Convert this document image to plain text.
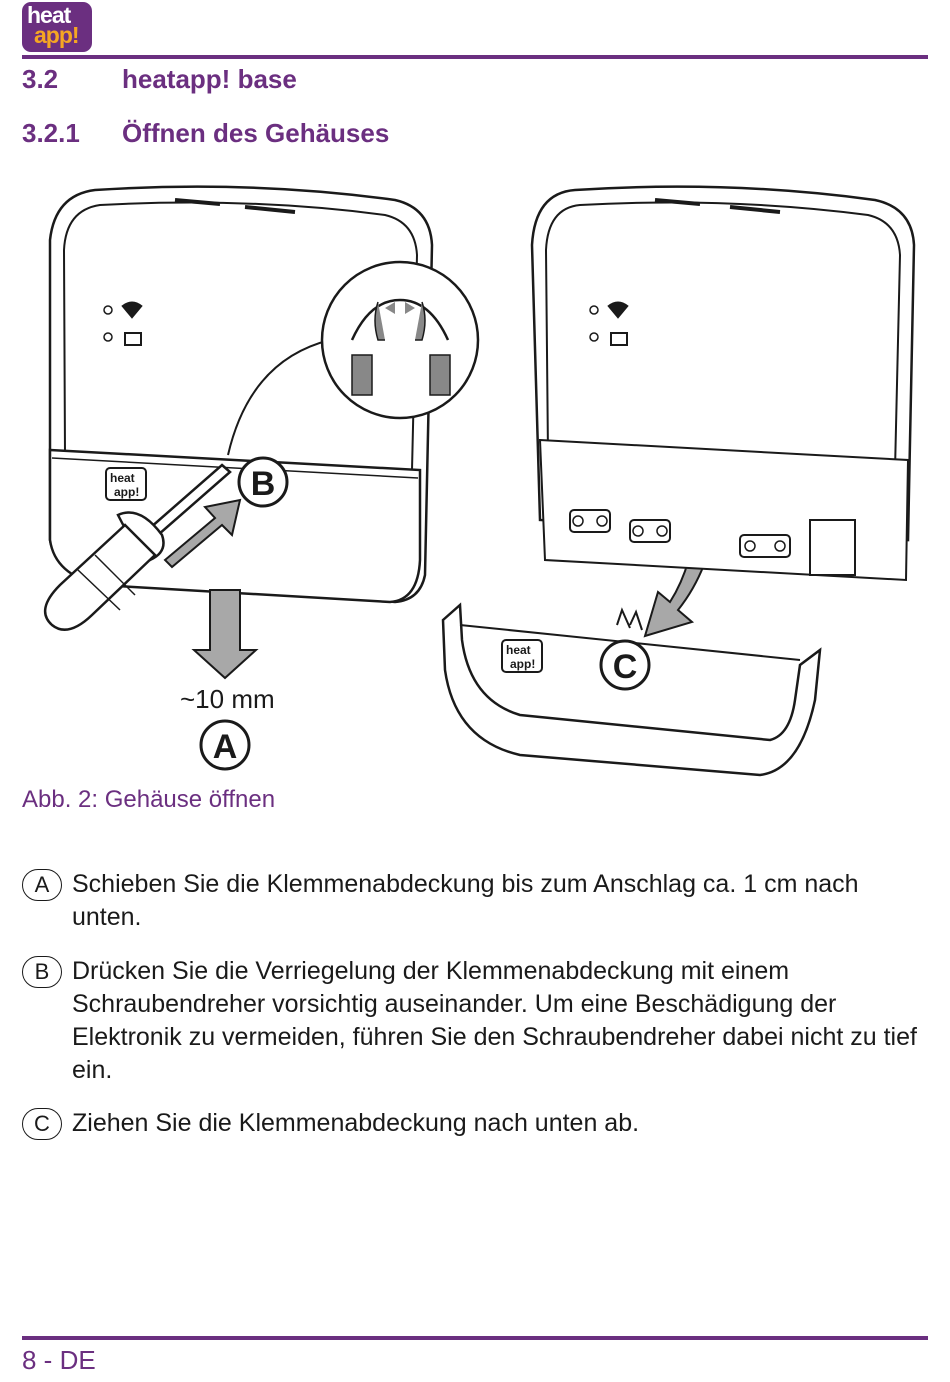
heat
app!
3.2 heatapp! base
3.2.1 Öffnen des Gehäuses
heat
app!
heat
app!
B
A
C
~10 mm
Abb. 2: Gehäuse öffnen
A Schieben Sie die Klemmenabdeckung bis zum Anschlag ca. 1 cm nach unten.
B Drücken Sie die Verriegelung der Klemmenabdeckung mit einem Schraubendreher vorsichtig auseinander. Um eine Beschädigung der Elektronik zu vermeiden, führen Sie den Schraubendreher dabei nicht zu tief ein.
C Ziehen Sie die Klemmenabdeckung nach unten ab.
8 - DE
